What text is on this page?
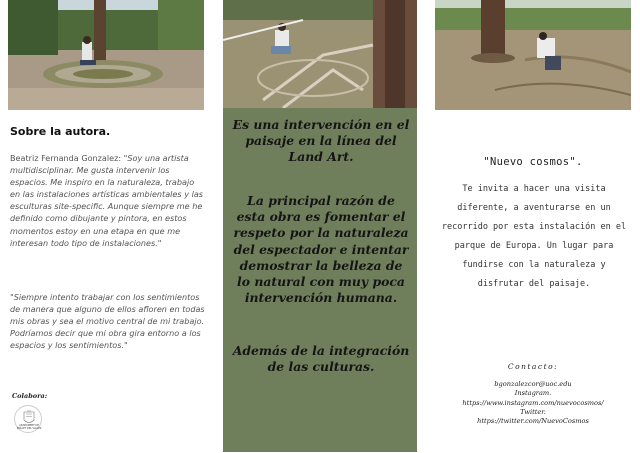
Sobre la autora.
Beatriz Fernanda Gonzalez: "Soy una artista multidisciplinar. Me gusta intervenir los espacios. Me inspiro en la naturaleza, trabajo en las instalaciones artísticas ambientales y las esculturas site-specific. Aunque siempre me he definido como dibujante y pintora, en estos momentos estoy en una etapa en que me interesan todo tipo de instalaciones."
"Siempre intento trabajar con los sentimientos de manera que alguno de ellos afloren en todas mis obras y sea el motivo central de mi trabajo. Podríamos decir que mi obra gira entorno a los espacios y los sentimientos."
Colabora:
AJUNTAMENT DE MOLLET DEL VALLÈS
Es una intervención en el paisaje en la línea del Land Art.
La principal razón de esta obra es fomentar el respeto por la naturaleza del espectador e intentar demostrar la belleza de lo natural con muy poca intervención humana.
Además de la integración de las culturas.
"Nuevo cosmos".
Te invita a hacer una visita diferente, a aventurarse en un recorrido por esta instalación en el parque de Europa. Un lugar para fundirse con la naturaleza y disfrutar del paisaje.
Contacto:
bgonzalezcor@uoc.edu
Instagram.
https://www.instagram.com/nuevocosmos/
Twitter.
https://twitter.com/NuevoCosmos
